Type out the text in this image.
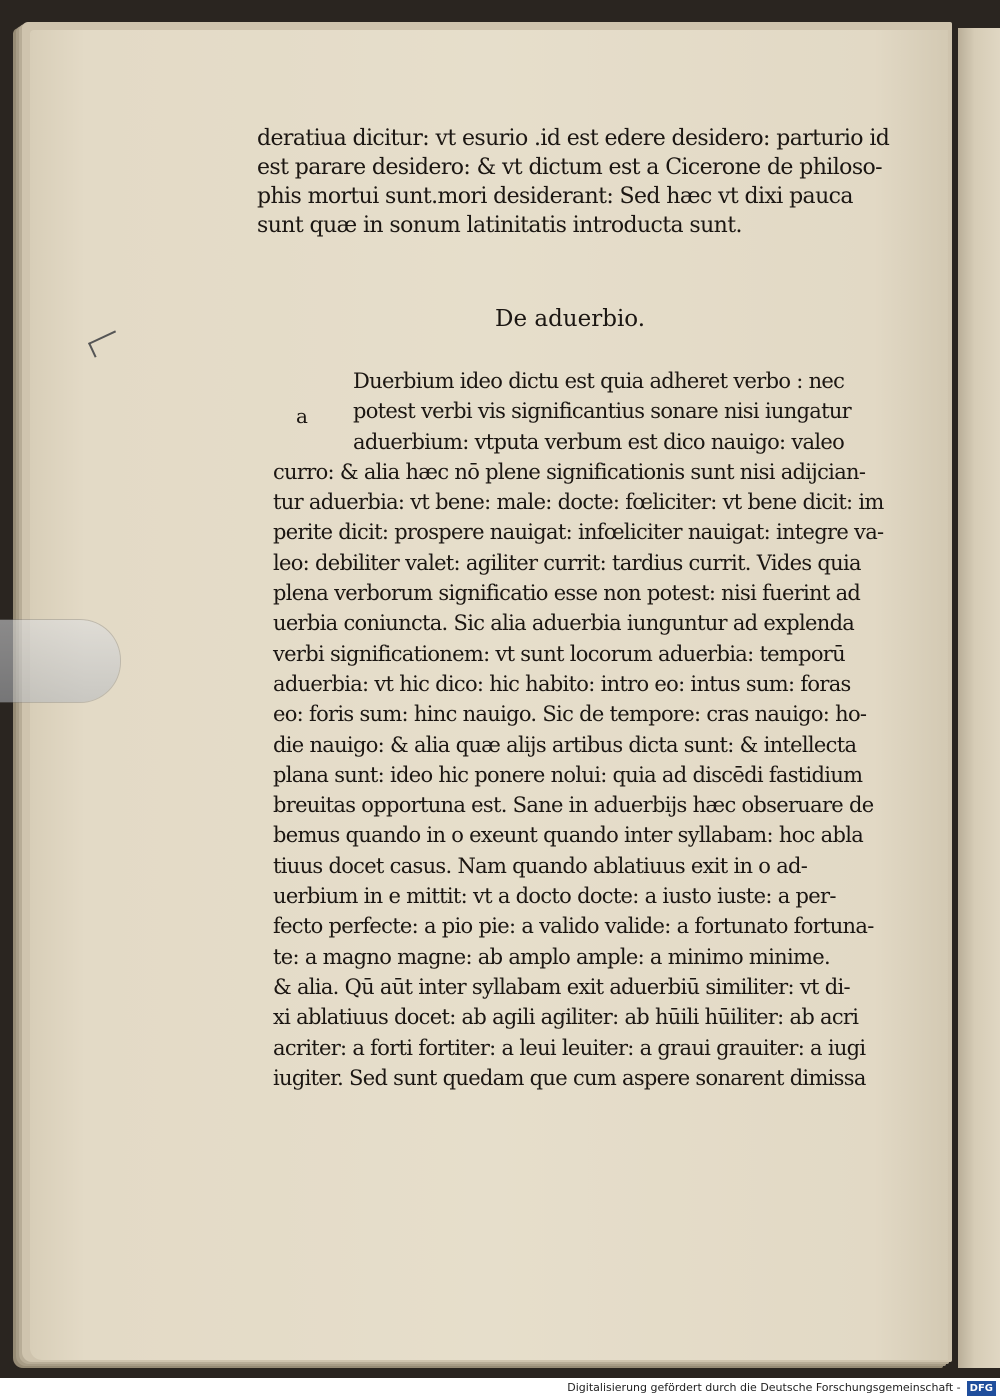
deratiua dicitur: vt esurio .id est edere desidero: parturio id
est parare desidero: & vt dictum est a Cicerone de philoso-
phis mortui sunt.mori desiderant: Sed hæc vt dixi pauca
sunt quæ in sonum latinitatis introducta sunt.
De aduerbio.
a
Duerbium ideo dictu est quia adheret verbo : nec
potest verbi vis significantius sonare nisi iungatur
aduerbium: vtputa verbum est dico nauigo: valeo
curro: & alia hæc nō plene significationis sunt nisi adijcian-
tur aduerbia: vt bene: male: docte: fœliciter: vt bene dicit: im
perite dicit: prospere nauigat: infœliciter nauigat: integre va-
leo: debiliter valet: agiliter currit: tardius currit. Vides quia
plena verborum significatio esse non potest: nisi fuerint ad
uerbia coniuncta. Sic alia aduerbia iunguntur ad explenda
verbi significationem: vt sunt locorum aduerbia: temporū
aduerbia: vt hic dico: hic habito: intro eo: intus sum: foras
eo: foris sum: hinc nauigo. Sic de tempore: cras nauigo: ho-
die nauigo: & alia quæ alijs artibus dicta sunt: & intellecta
plana sunt: ideo hic ponere nolui: quia ad discēdi fastidium
breuitas opportuna est. Sane in aduerbijs hæc obseruare de
bemus quando in o exeunt quando inter syllabam: hoc abla
tiuus docet casus. Nam quando ablatiuus exit in o ad-
uerbium in e mittit: vt a docto docte: a iusto iuste: a per-
fecto perfecte: a pio pie: a valido valide: a fortunato fortuna-
te: a magno magne: ab amplo ample: a minimo minime.
& alia. Qū aūt inter syllabam exit aduerbiū similiter: vt di-
xi ablatiuus docet: ab agili agiliter: ab hūili hūiliter: ab acri
acriter: a forti fortiter: a leui leuiter: a graui grauiter: a iugi
iugiter. Sed sunt quedam que cum aspere sonarent dimissa
Digitalisierung gefördert durch die Deutsche Forschungsgemeinschaft - DFG
